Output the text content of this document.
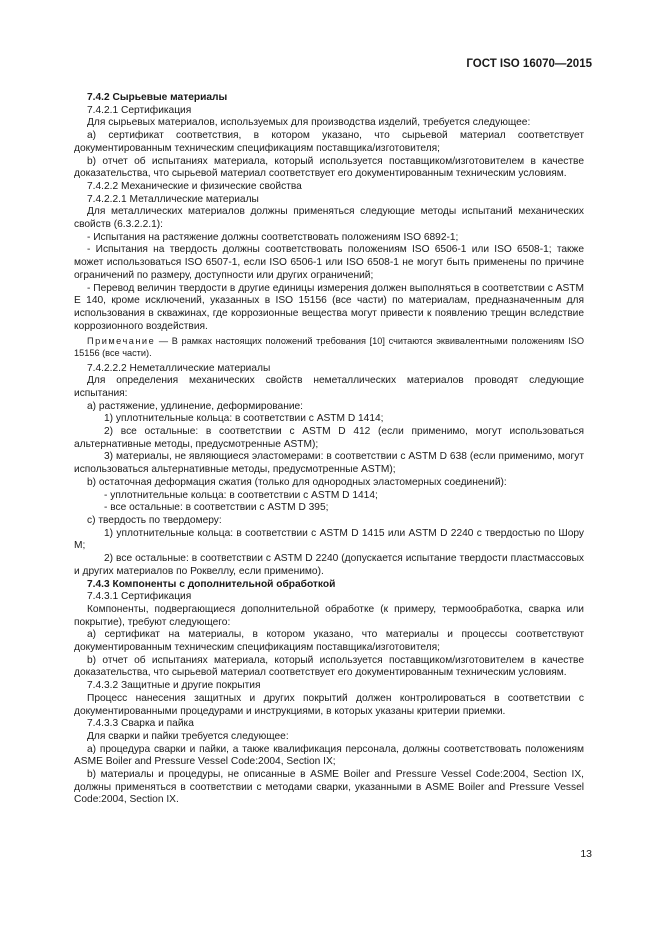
ГОСТ ISO 16070—2015

7.4.2 Сырьевые материалы

7.4.2.1 Сертификация

Для сырьевых материалов, используемых для производства изделий, требуется следующее:

a) сертификат соответствия, в котором указано, что сырьевой материал соответствует документированным техническим спецификациям поставщика/изготовителя;

b) отчет об испытаниях материала, который используется поставщиком/изготовителем в качестве доказательства, что сырьевой материал соответствует его документированным техническим условиям.

7.4.2.2 Механические и физические свойства

7.4.2.2.1 Металлические материалы

Для металлических материалов должны применяться следующие методы испытаний механических свойств (6.3.2.2.1):

- Испытания на растяжение должны соответствовать положениям ISO 6892-1;

- Испытания на твердость должны соответствовать положениям ISO 6506-1 или ISO 6508-1; также может использоваться ISO 6507-1, если ISO 6506-1 или ISO 6508-1 не могут быть применены по причине ограничений по размеру, доступности или других ограничений;

- Перевод величин твердости в другие единицы измерения должен выполняться в соответствии с ASTM E 140, кроме исключений, указанных в ISO 15156 (все части) по материалам, предназначенным для использования в скважинах, где коррозионные вещества могут привести к появлению трещин вследствие коррозионного воздействия.

Примечание — В рамках настоящих положений требования [10] считаются эквивалентными положениям ISO 15156 (все части).

7.4.2.2.2 Неметаллические материалы

Для определения механических свойств неметаллических материалов проводят следующие испытания:

a) растяжение, удлинение, деформирование:

1) уплотнительные кольца: в соответствии с ASTM D 1414;

2) все остальные: в соответствии с ASTM D 412 (если применимо, могут использоваться альтернативные методы, предусмотренные ASTM);

3) материалы, не являющиеся эластомерами: в соответствии с ASTM D 638 (если применимо, могут использоваться альтернативные методы, предусмотренные ASTM);

b) остаточная деформация сжатия (только для однородных эластомерных соединений):

- уплотнительные кольца: в соответствии с ASTM D 1414;

- все остальные: в соответствии с ASTM D 395;

c) твердость по твердомеру:

1) уплотнительные кольца: в соответствии с ASTM D 1415 или ASTM D 2240 с твердостью по Шору М;

2) все остальные: в соответствии с ASTM D 2240 (допускается испытание твердости пластмассовых и других материалов по Роквеллу, если применимо).

7.4.3 Компоненты с дополнительной обработкой

7.4.3.1 Сертификация

Компоненты, подвергающиеся дополнительной обработке (к примеру, термообработка, сварка или покрытие), требуют следующего:

a) сертификат на материалы, в котором указано, что материалы и процессы соответствуют документированным техническим спецификациям поставщика/изготовителя;

b) отчет об испытаниях материала, который используется поставщиком/изготовителем в качестве доказательства, что сырьевой материал соответствует его документированным техническим условиям.

7.4.3.2 Защитные и другие покрытия

Процесс нанесения защитных и других покрытий должен контролироваться в соответствии с документированными процедурами и инструкциями, в которых указаны критерии приемки.

7.4.3.3 Сварка и пайка

Для сварки и пайки требуется следующее:

a) процедура сварки и пайки, а также квалификация персонала, должны соответствовать положениям ASME Boiler and Pressure Vessel Code:2004, Section IX;

b) материалы и процедуры, не описанные в ASME Boiler and Pressure Vessel Code:2004, Section IX, должны применяться в соответствии с методами сварки, указанными в ASME Boiler and Pressure Vessel Code:2004, Section IX.

13
